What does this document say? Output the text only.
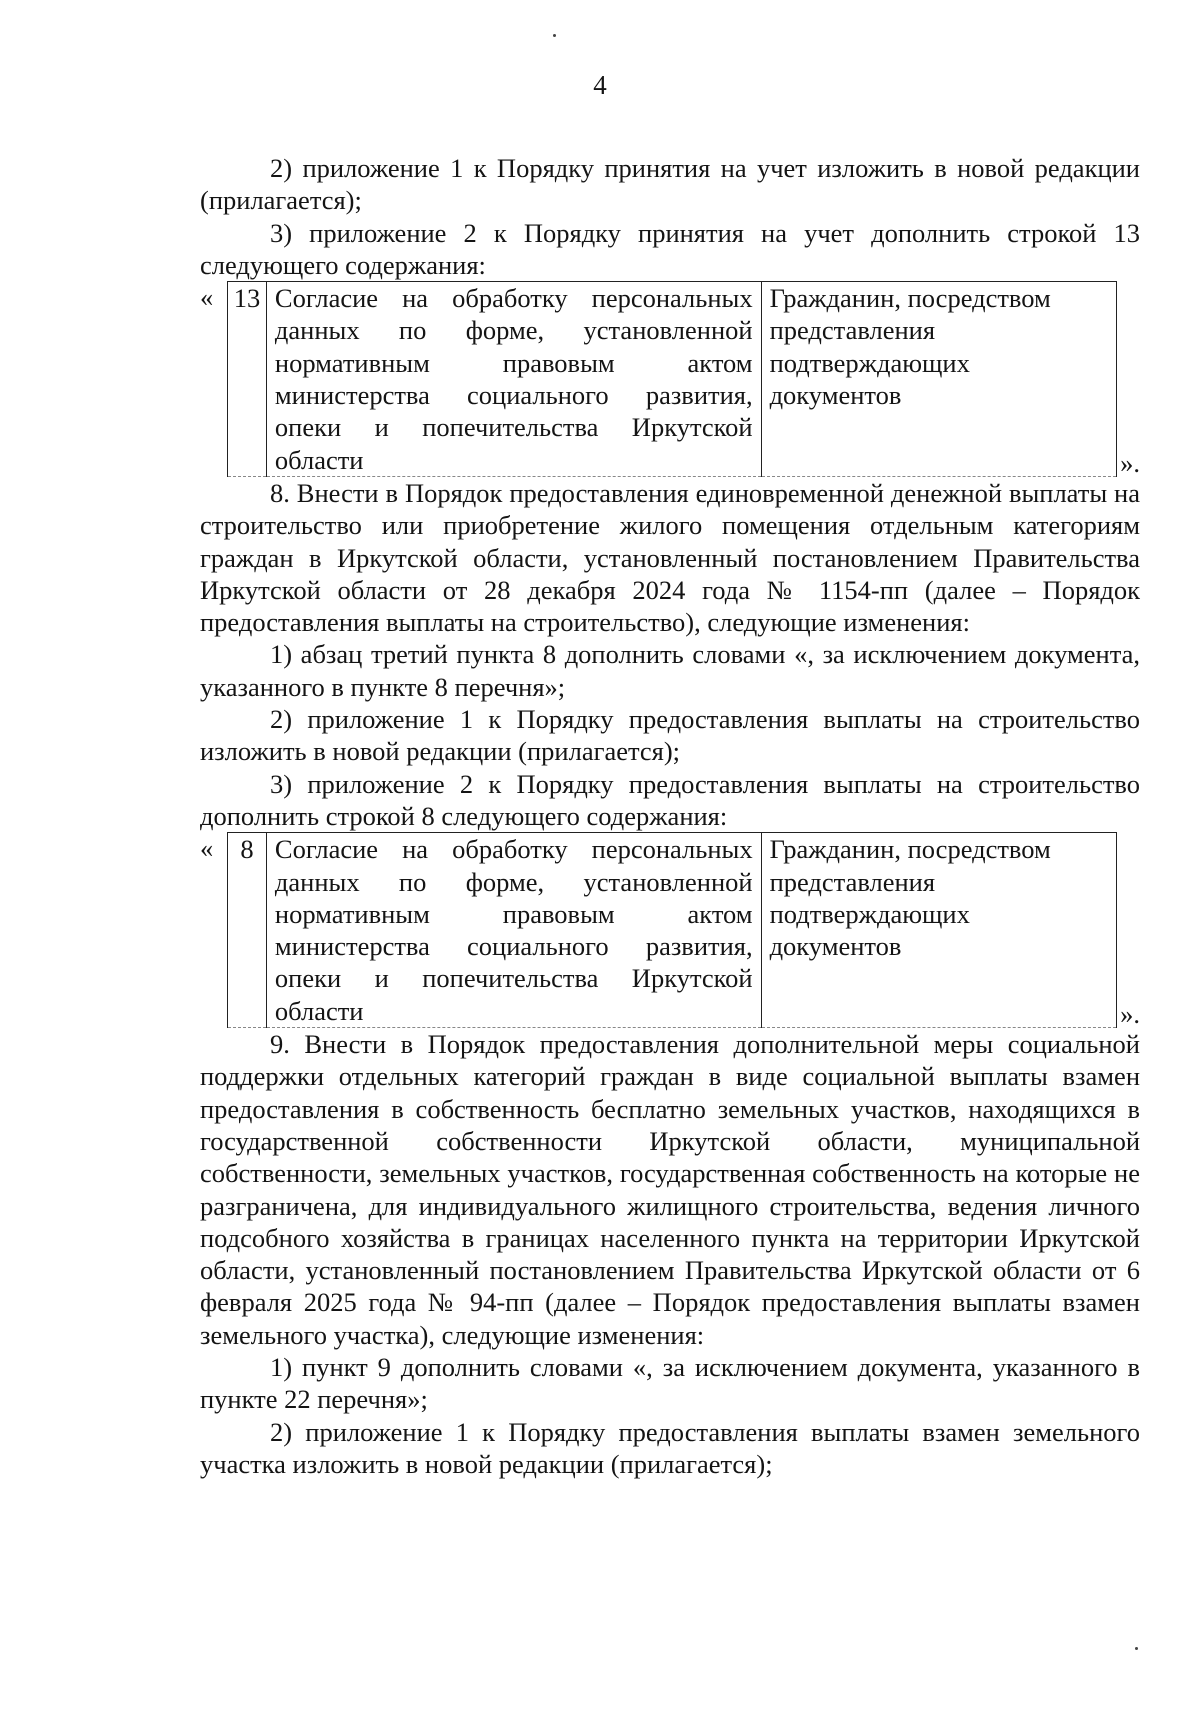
4

2) приложение 1 к Порядку принятия на учет изложить в новой редакции (прилагается);

3) приложение 2 к Порядку принятия на учет дополнить строкой 13 следующего содержания:

« 13	Согласие на обработку персональных данных по форме, установленной нормативным правовым актом министерства социального развития, опеки и попечительства Иркутской области	Гражданин, посредством представления подтверждающих документов
».

8. Внести в Порядок предоставления единовременной денежной выплаты на строительство или приобретение жилого помещения отдельным категориям граждан в Иркутской области, установленный постановлением Правительства Иркутской области от 28 декабря 2024 года № 1154-пп (далее – Порядок предоставления выплаты на строительство), следующие изменения:

1) абзац третий пункта 8 дополнить словами «, за исключением документа, указанного в пункте 8 перечня»;

2) приложение 1 к Порядку предоставления выплаты на строительство изложить в новой редакции (прилагается);

3) приложение 2 к Порядку предоставления выплаты на строительство дополнить строкой 8 следующего содержания:

« 8	Согласие на обработку персональных данных по форме, установленной нормативным правовым актом министерства социального развития, опеки и попечительства Иркутской области	Гражданин, посредством представления подтверждающих документов
».

9. Внести в Порядок предоставления дополнительной меры социальной поддержки отдельных категорий граждан в виде социальной выплаты взамен предоставления в собственность бесплатно земельных участков, находящихся в государственной собственности Иркутской области, муниципальной собственности, земельных участков, государственная собственность на которые не разграничена, для индивидуального жилищного строительства, ведения личного подсобного хозяйства в границах населенного пункта на территории Иркутской области, установленный постановлением Правительства Иркутской области от 6 февраля 2025 года № 94-пп (далее – Порядок предоставления выплаты взамен земельного участка), следующие изменения:

1) пункт 9 дополнить словами «, за исключением документа, указанного в пункте 22 перечня»;

2) приложение 1 к Порядку предоставления выплаты взамен земельного участка изложить в новой редакции (прилагается);
